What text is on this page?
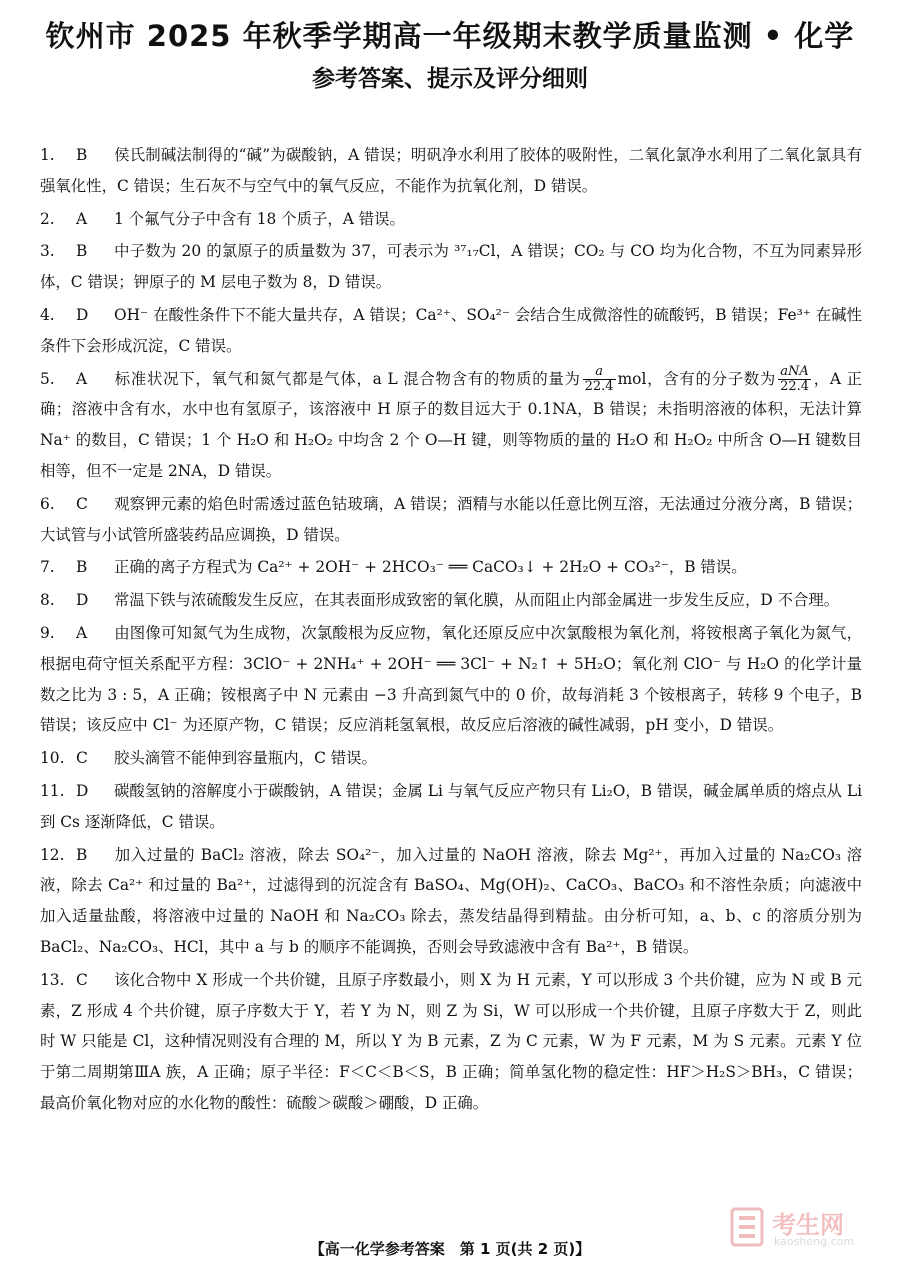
钦州市 2025 年秋季学期高一年级期末教学质量监测 • 化学
参考答案、提示及评分细则

1. B 侯氏制碱法制得的“碱”为碳酸钠，A 错误；明矾净水利用了胶体的吸附性，二氧化氯净水利用了二氧化氯具有强氧化性，C 错误；生石灰不与空气中的氧气反应，不能作为抗氧化剂，D 错误。

2. A 1 个氟气分子中含有 18 个质子，A 错误。

3. B 中子数为 20 的氯原子的质量数为 37，可表示为 ³⁷₁₇Cl，A 错误；CO₂ 与 CO 均为化合物，不互为同素异形体，C 错误；钾原子的 M 层电子数为 8，D 错误。

4. D OH⁻ 在酸性条件下不能大量共存，A 错误；Ca²⁺、SO₄²⁻ 会结合生成微溶性的硫酸钙，B 错误；Fe³⁺ 在碱性条件下会形成沉淀，C 错误。

5. A 标准状况下，氧气和氮气都是气体，a L 混合物含有的物质的量为 $\frac{a}{22.4}$ mol，含有的分子数为 $\frac{\text{aNA}}{22.4}$ ，A 正确；溶液中含有水，水中也有氢原子，该溶液中 H 原子的数目远大于 0.1NA，B 错误；未指明溶液的体积，无法计算 Na⁺ 的数目，C 错误；1 个 H₂O 和 H₂O₂ 中均含 2 个 O—H 键，则等物质的量的 H₂O 和 H₂O₂ 中所含 O—H 键数目相等，但不一定是 2NA，D 错误。

6. C 观察钾元素的焰色时需透过蓝色钴玻璃，A 错误；酒精与水能以任意比例互溶，无法通过分液分离，B 错误；大试管与小试管所盛装药品应调换，D 错误。

7. B 正确的离子方程式为 Ca²⁺ + 2OH⁻ + 2HCO₃⁻ ══ CaCO₃↓ + 2H₂O + CO₃²⁻，B 错误。

8. D 常温下铁与浓硫酸发生反应，在其表面形成致密的氧化膜，从而阻止内部金属进一步发生反应，D 不合理。

9. A 由图像可知氮气为生成物，次氯酸根为反应物，氧化还原反应中次氯酸根为氧化剂，将铵根离子氧化为氮气，根据电荷守恒关系配平方程：3ClO⁻ + 2NH₄⁺ + 2OH⁻ ══ 3Cl⁻ + N₂↑ + 5H₂O；氧化剂 ClO⁻ 与 H₂O 的化学计量数之比为 3 : 5，A 正确；铵根离子中 N 元素由 −3 升高到氮气中的 0 价，故每消耗 3 个铵根离子，转移 9 个电子，B 错误；该反应中 Cl⁻ 为还原产物，C 错误；反应消耗氢氧根，故反应后溶液的碱性减弱，pH 变小，D 错误。

10. C 胶头滴管不能伸到容量瓶内，C 错误。

11. D 碳酸氢钠的溶解度小于碳酸钠，A 错误；金属 Li 与氧气反应产物只有 Li₂O，B 错误，碱金属单质的熔点从 Li 到 Cs 逐渐降低，C 错误。

12. B 加入过量的 BaCl₂ 溶液，除去 SO₄²⁻，加入过量的 NaOH 溶液，除去 Mg²⁺，再加入过量的 Na₂CO₃ 溶液，除去 Ca²⁺ 和过量的 Ba²⁺，过滤得到的沉淀含有 BaSO₄、Mg(OH)₂、CaCO₃、BaCO₃ 和不溶性杂质；向滤液中加入适量盐酸，将溶液中过量的 NaOH 和 Na₂CO₃ 除去，蒸发结晶得到精盐。由分析可知，a、b、c 的溶质分别为 BaCl₂、Na₂CO₃、HCl，其中 a 与 b 的顺序不能调换，否则会导致滤液中含有 Ba²⁺，B 错误。

13. C 该化合物中 X 形成一个共价键，且原子序数最小，则 X 为 H 元素，Y 可以形成 3 个共价键，应为 N 或 B 元素，Z 形成 4 个共价键，原子序数大于 Y，若 Y 为 N，则 Z 为 Si，W 可以形成一个共价键，且原子序数大于 Z，则此时 W 只能是 Cl，这种情况则没有合理的 M，所以 Y 为 B 元素，Z 为 C 元素，W 为 F 元素，M 为 S 元素。元素 Y 位于第二周期第ⅢA 族，A 正确；原子半径：F＜C＜B＜S，B 正确；简单氢化物的稳定性：HF＞H₂S＞BH₃，C 错误；最高价氧化物对应的水化物的酸性：硫酸＞碳酸＞硼酸，D 正确。

【高一化学参考答案　第 1 页(共 2 页)】
考生网
kaosheng.com
